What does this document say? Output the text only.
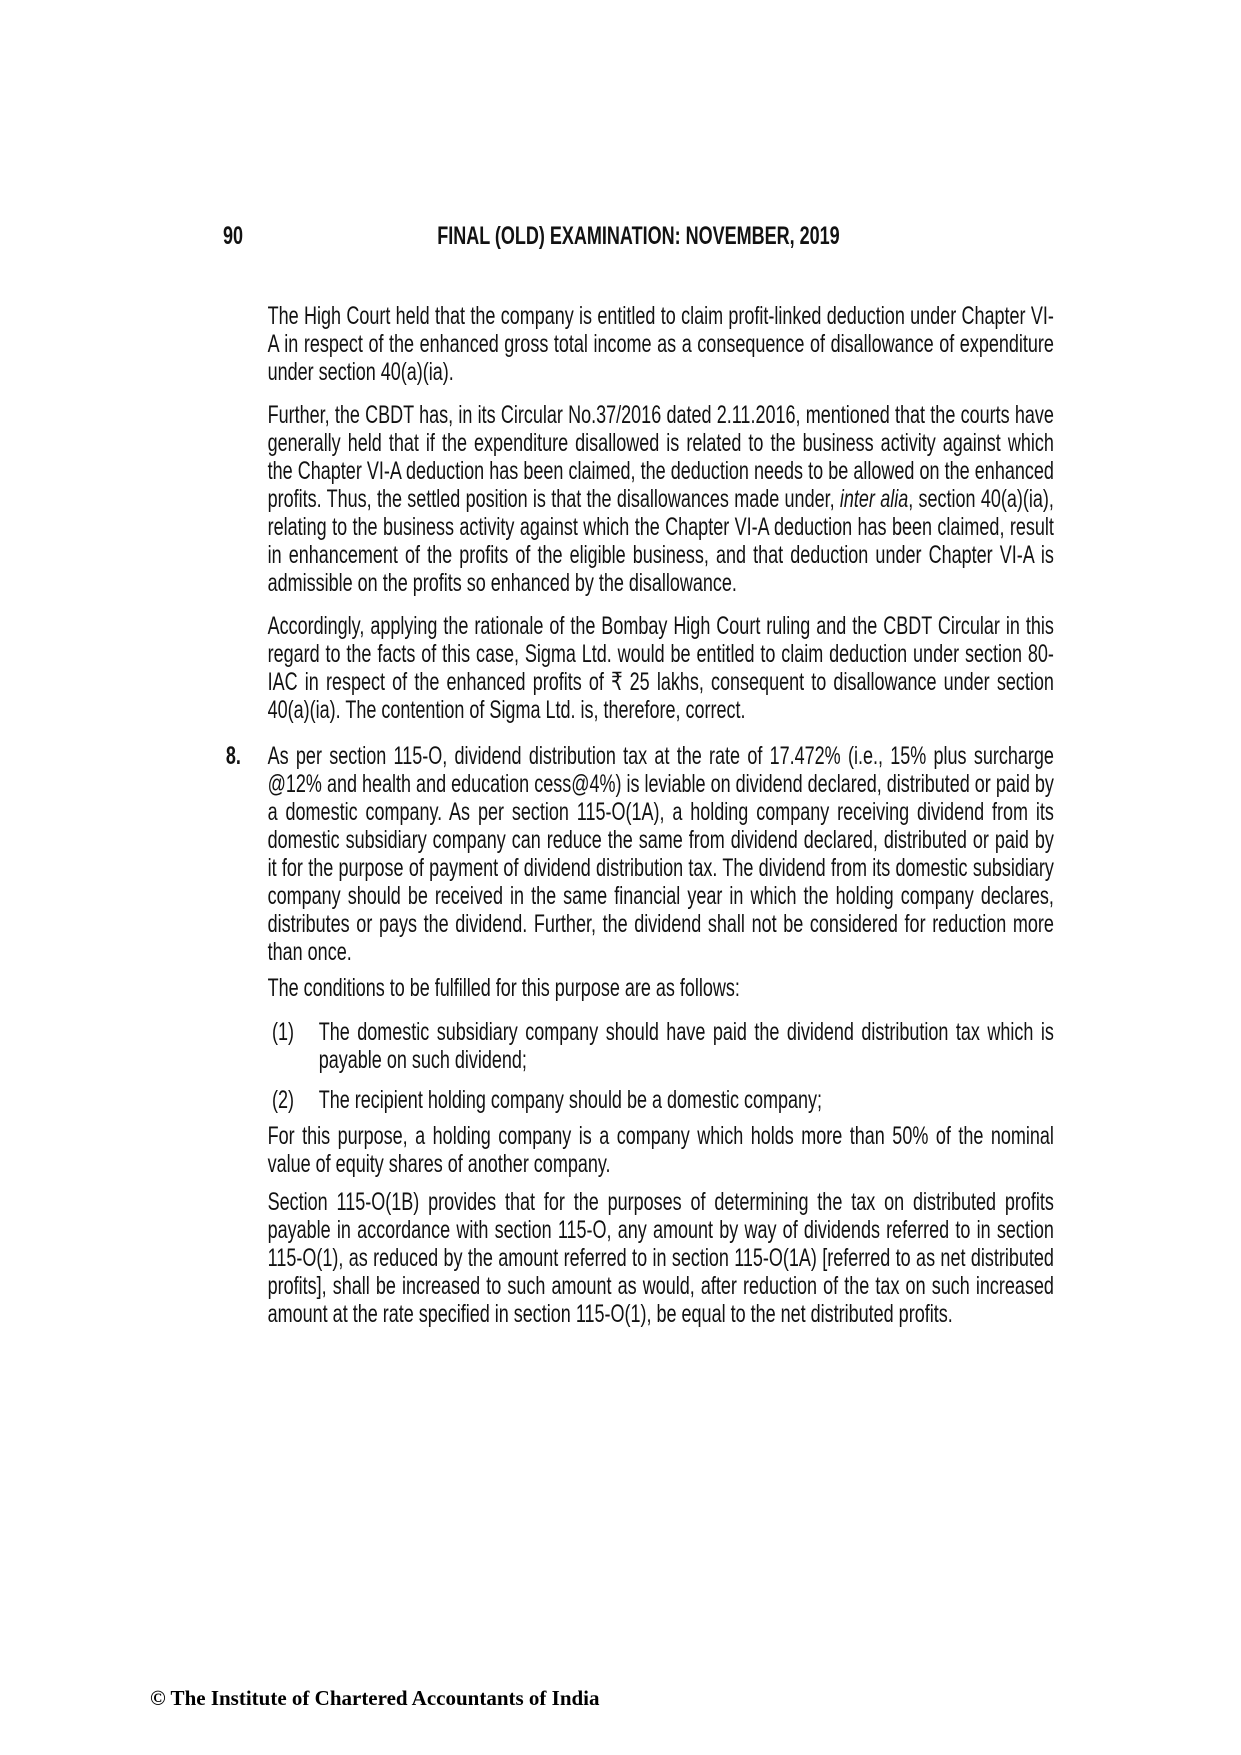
90	FINAL (OLD) EXAMINATION: NOVEMBER, 2019

The High Court held that the company is entitled to claim profit-linked deduction under Chapter VI-A in respect of the enhanced gross total income as a consequence of disallowance of expenditure under section 40(a)(ia).

Further, the CBDT has, in its Circular No.37/2016 dated 2.11.2016, mentioned that the courts have generally held that if the expenditure disallowed is related to the business activity against which the Chapter VI-A deduction has been claimed, the deduction needs to be allowed on the enhanced profits. Thus, the settled position is that the disallowances made under, inter alia, section 40(a)(ia), relating to the business activity against which the Chapter VI-A deduction has been claimed, result in enhancement of the profits of the eligible business, and that deduction under Chapter VI-A is admissible on the profits so enhanced by the disallowance.

Accordingly, applying the rationale of the Bombay High Court ruling and the CBDT Circular in this regard to the facts of this case, Sigma Ltd. would be entitled to claim deduction under section 80-IAC in respect of the enhanced profits of ₹ 25 lakhs, consequent to disallowance under section 40(a)(ia). The contention of Sigma Ltd. is, therefore, correct.

8.	As per section 115-O, dividend distribution tax at the rate of 17.472% (i.e., 15% plus surcharge @12% and health and education cess@4%) is leviable on dividend declared, distributed or paid by a domestic company. As per section 115-O(1A), a holding company receiving dividend from its domestic subsidiary company can reduce the same from dividend declared, distributed or paid by it for the purpose of payment of dividend distribution tax. The dividend from its domestic subsidiary company should be received in the same financial year in which the holding company declares, distributes or pays the dividend. Further, the dividend shall not be considered for reduction more than once.

The conditions to be fulfilled for this purpose are as follows:

(1) The domestic subsidiary company should have paid the dividend distribution tax which is payable on such dividend;
(2) The recipient holding company should be a domestic company;

For this purpose, a holding company is a company which holds more than 50% of the nominal value of equity shares of another company.

Section 115-O(1B) provides that for the purposes of determining the tax on distributed profits payable in accordance with section 115-O, any amount by way of dividends referred to in section 115-O(1), as reduced by the amount referred to in section 115-O(1A) [referred to as net distributed profits], shall be increased to such amount as would, after reduction of the tax on such increased amount at the rate specified in section 115-O(1), be equal to the net distributed profits.

© The Institute of Chartered Accountants of India
